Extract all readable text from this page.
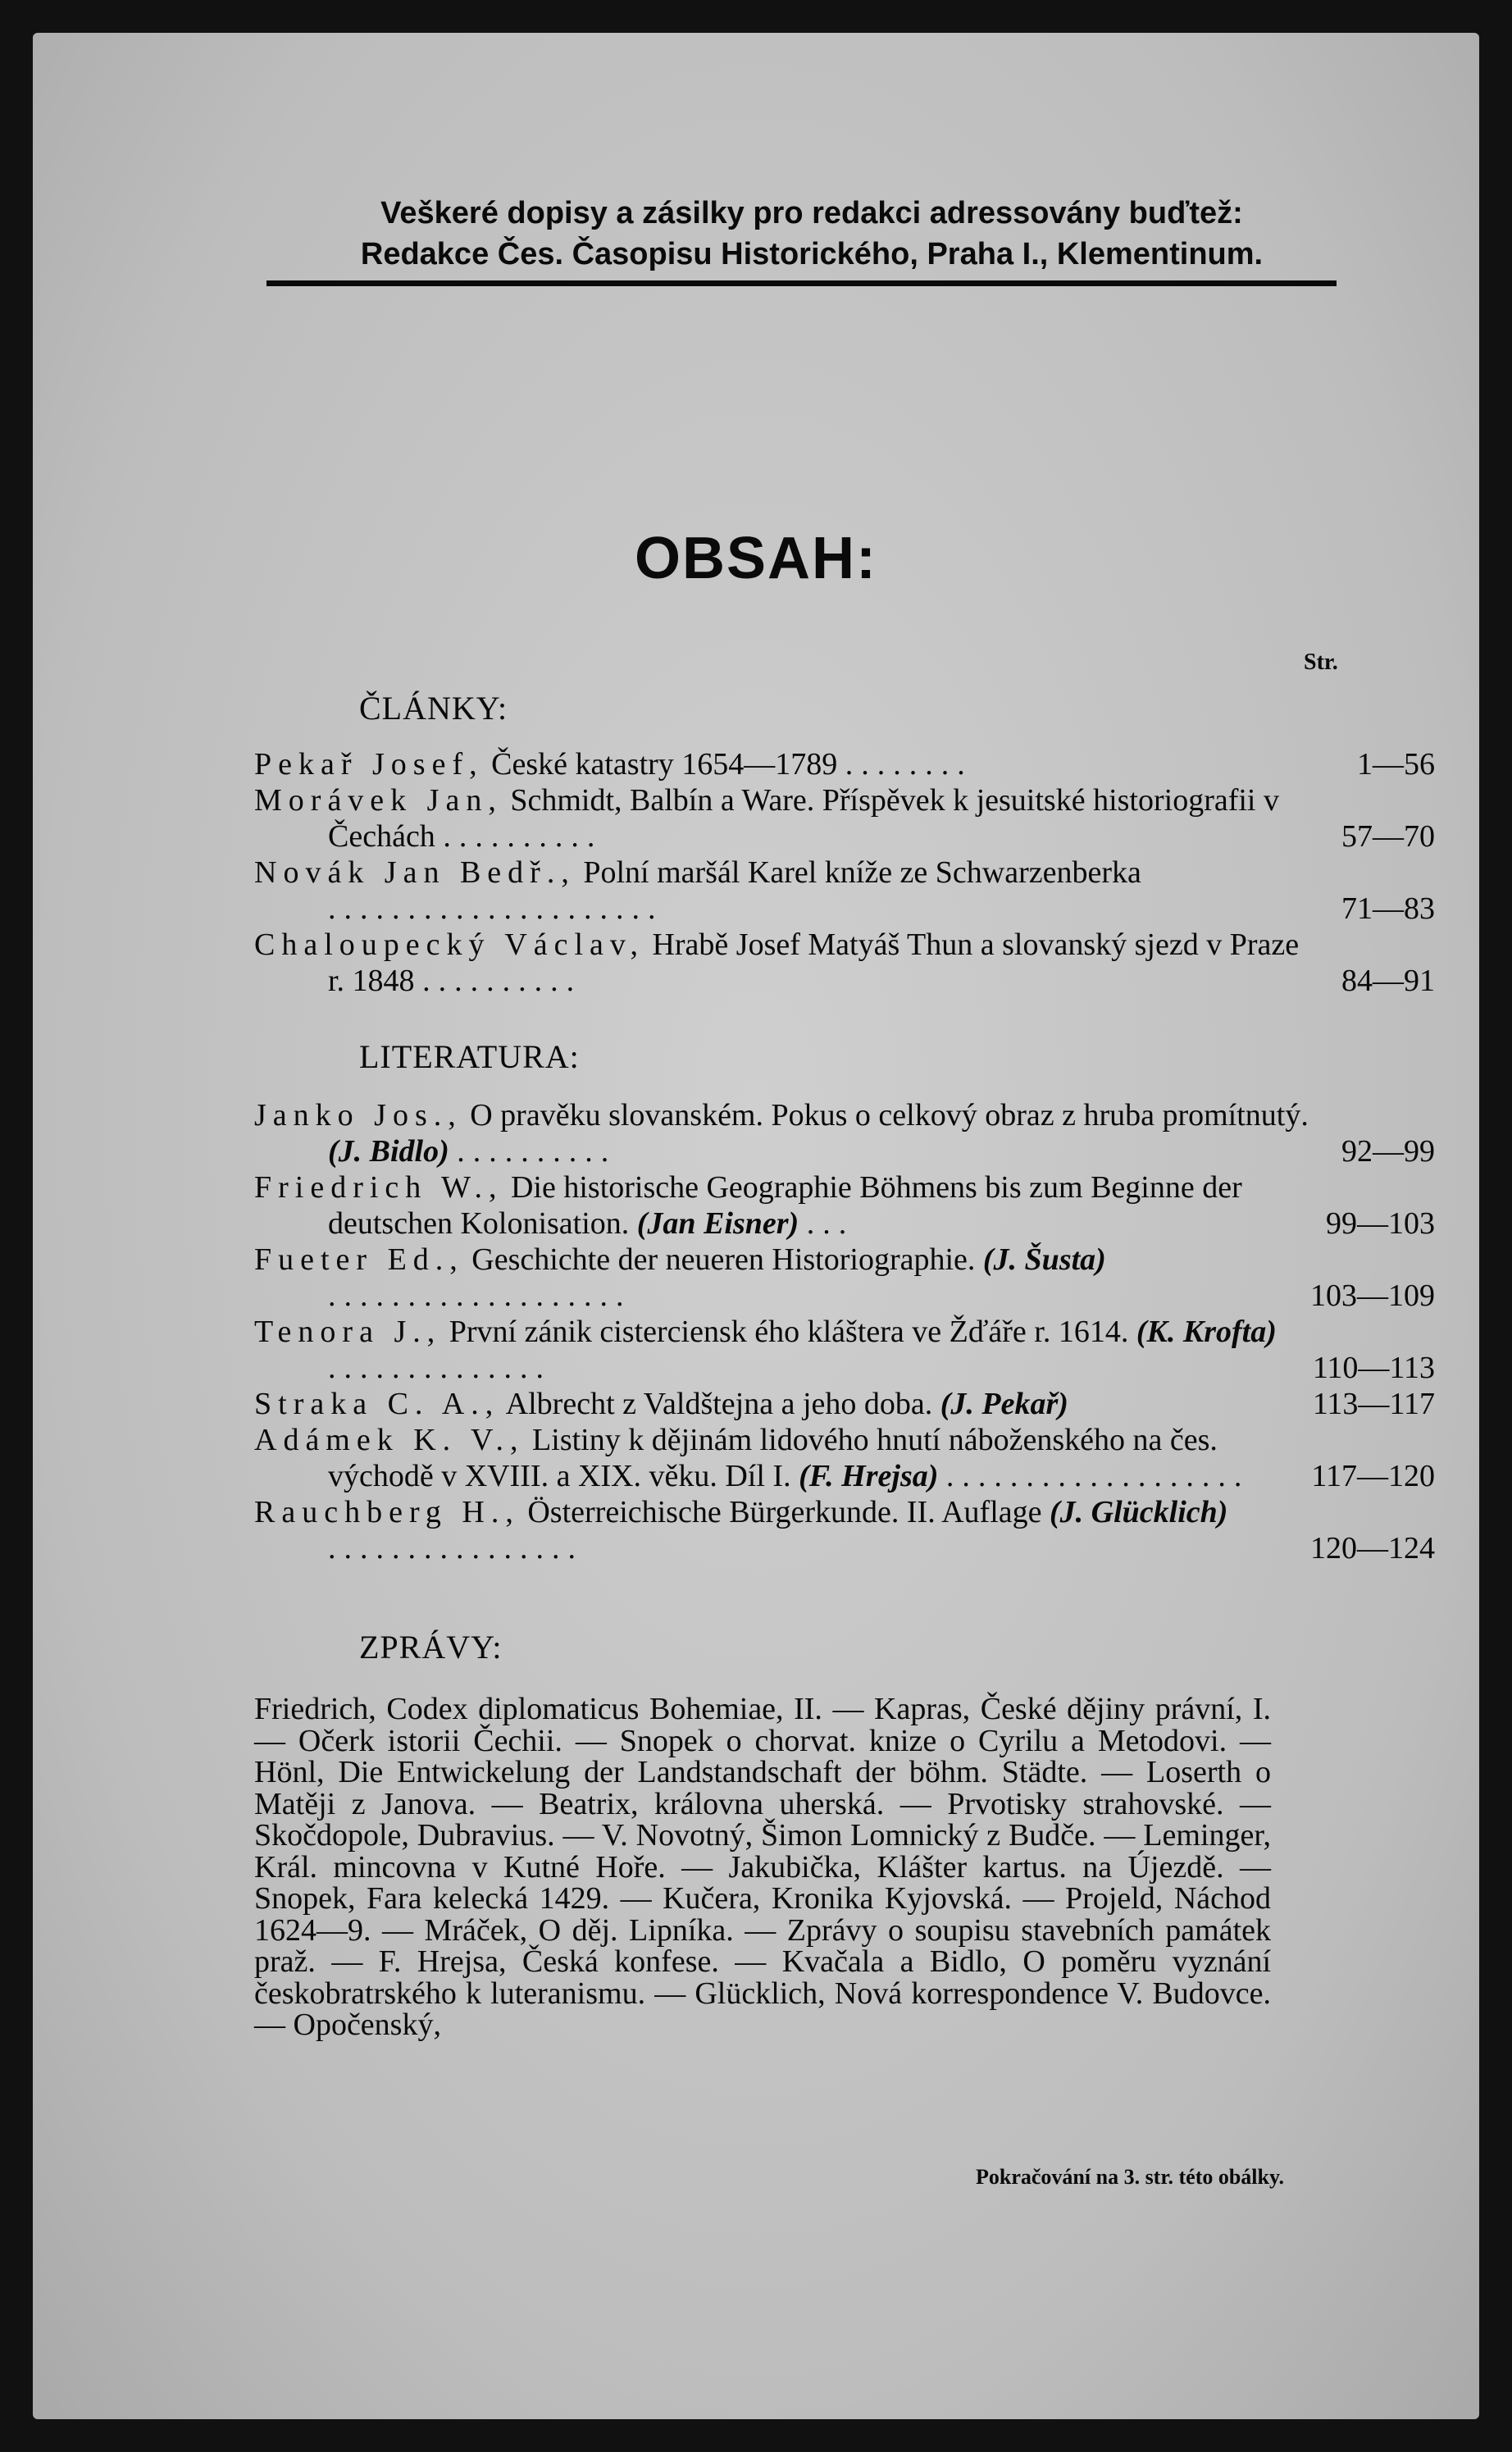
Veškeré dopisy a zásilky pro redakci adressovány buďtež:
Redakce Čes. Časopisu Historického, Praha I., Klementinum.
OBSAH:
ČLÁNKY:
Str.
Pekař Josef, České katastry 1654—1789 ........	1—56
Morávek Jan, Schmidt, Balbín a Ware. Příspěvek k jesuitské historiografii v Čechách ..........	57—70
Novák Jan Bedř., Polní maršál Karel kníže ze Schwarzenberka .....................	71—83
Chaloupecký Václav, Hrabě Josef Matyáš Thun a slovanský sjezd v Praze r. 1848 ..........	84—91
LITERATURA:
Janko Jos., O pravěku slovanském. Pokus o celkový obraz z hruba promítnutý. (J. Bidlo) ..........	92—99
Friedrich W., Die historische Geographie Böhmens bis zum Beginne der deutschen Kolonisation. (Jan Eisner) ...	99—103
Fueter Ed., Geschichte der neueren Historiographie. (J. Šusta) ...................	103—109
Tenora J., První zánik cisterciensk ého kláštera ve Žďáře r. 1614. (K. Krofta) ..............	110—113
Straka C. A., Albrecht z Valdštejna a jeho doba. (J. Pekař)	113—117
Adámek K. V., Listiny k dějinám lidového hnutí náboženského na čes. východě v XVIII. a XIX. věku. Díl I. (F. Hrejsa) ...................	117—120
Rauchberg H., Österreichische Bürgerkunde. II. Auflage (J. Glücklich) ................	120—124
ZPRÁVY:
Friedrich, Codex diplomaticus Bohemiae, II. — Kapras, České dějiny právní, I. — Očerk istorii Čechii. — Snopek o chorvat. knize o Cyrilu a Metodovi. — Hönl, Die Entwickelung der Landstandschaft der böhm. Städte. — Loserth o Matěji z Janova. — Beatrix, královna uherská. — Prvotisky strahovské. — Skočdopole, Dubravius. — V. Novotný, Šimon Lomnický z Budče. — Leminger, Král. mincovna v Kutné Hoře. — Jakubička, Klášter kartus. na Újezdě. — Snopek, Fara kelecká 1429. — Kučera, Kronika Kyjovská. — Projeld, Náchod 1624—9. — Mráček, O děj. Lipníka. — Zprávy o soupisu stavebních památek praž. — F. Hrejsa, Česká konfese. — Kvačala a Bidlo, O poměru vyznání českobratrského k luteranismu. — Glücklich, Nová korrespondence V. Budovce. — Opočenský,
Pokračování na 3. str. této obálky.
